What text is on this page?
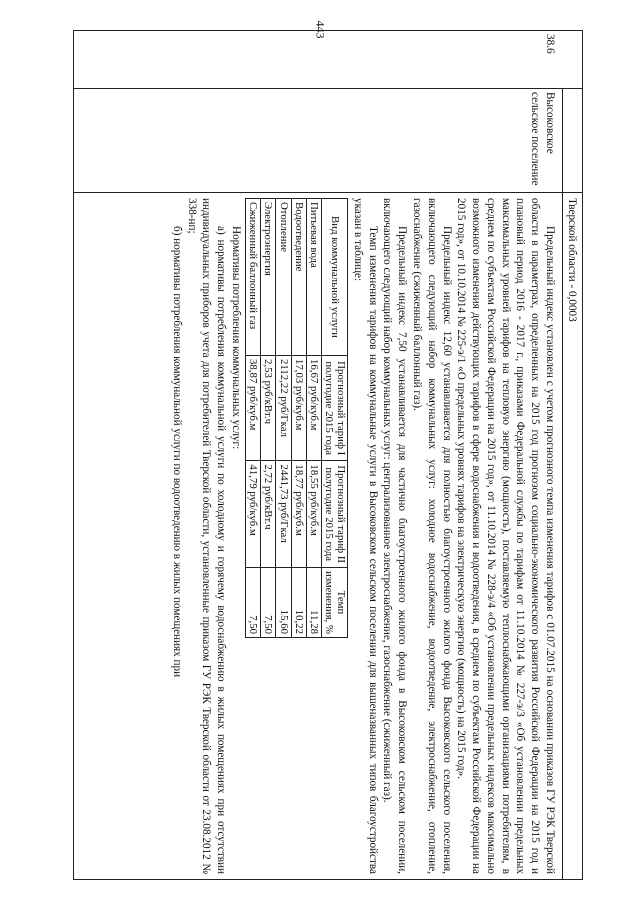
443
Тверской области - 0,0003
38.6
Высоковское сельское поселение

Предельный индекс установлен с учетом прогнозного темпа изменения тарифов с 01.07.2015 на основании приказов ГУ РЭК Тверской области в параметрах, определенных на 2015 год прогнозом социально-экономического развития Российской Федерации на 2015 год и плановый период 2016 - 2017 г., приказами Федеральной службы по тарифам от 11.10.2014 № 227-э/3 «Об установлении предельных максимальных уровней тарифов на тепловую энергию (мощность), поставляемую теплоснабжающими организациями потребителям, в среднем по субъектам Российской Федерации на 2015 год», от 11.10.2014 № 228-э/4 «Об установлении предельных индексов максимально возможного изменения действующих тарифов в сфере водоснабжения и водоотведения, в среднем по субъектам Российской Федерации на 2015 год», от 10.10.2014 № 225-э/1 «О предельных уровнях тарифов на электрическую энергию (мощность) на 2015 год».

Предельный индекс 12,60 устанавливается для полностью благоустроенного жилого фонда Высоковского сельского поселения, включающего следующий набор коммунальных услуг: холодное водоснабжение, водоотведение, электроснабжение, отопление, газоснабжение (сжиженный баллонный газ).

Предельный индекс 7,50 устанавливается для частично благоустроенного жилого фонда в Высоковском сельском поселении, включающего следующий набор коммунальных услуг: централизованное электроснабжение, газоснабжение (сжиженный газ).

Темп изменения тарифов на коммунальные услуги в Высоковском сельском поселении для вышеназванных типов благоустройства указан в таблице:

Вид коммунальной услуги	Прогнозный тариф I полугодие 2015 года	Прогнозный тариф II полугодие 2015 года	Темп изменения, %
Питьевая вода	16,67 руб/куб.м	18,55 руб/куб.м	11,28
Водоотведение	17,03 руб/куб.м	18,77 руб/куб.м	10,22
Отопление	2112,22 руб/Гкал	2441,73 руб/Гкал	15,60
Электроэнергия	2,53 руб/кВт.ч	2,72 руб/кВт.ч	7,50
Сжиженный баллонный газ	38,87 руб/куб.м	41,79 руб/куб.м	7,50

Нормативы потребления коммунальных услуг:

а) нормативы потребления коммунальной услуги по холодному и горячему водоснабжению в жилых помещениях при отсутствии индивидуальных приборов учета для потребителей Тверской области, установленные приказом ГУ РЭК Тверской области от 23.08.2012 № 338-нп;

б) нормативы потребления коммунальной услуги по водоотведению в жилых помещениях при
